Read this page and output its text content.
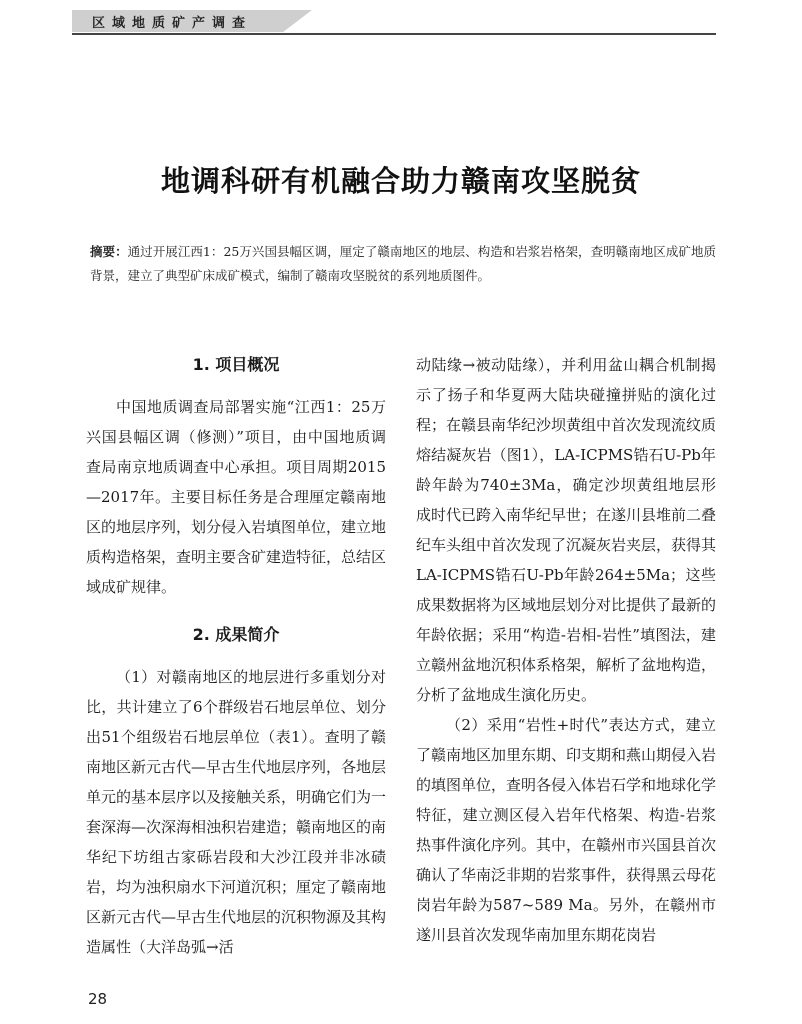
区域地质矿产调查
地调科研有机融合助力赣南攻坚脱贫
摘要：通过开展江西1：25万兴国县幅区调，厘定了赣南地区的地层、构造和岩浆岩格架，查明赣南地区成矿地质背景，建立了典型矿床成矿模式，编制了赣南攻坚脱贫的系列地质图件。
1. 项目概况

中国地质调查局部署实施“江西1：25万兴国县幅区调（修测）”项目，由中国地质调查局南京地质调查中心承担。项目周期2015—2017年。主要目标任务是合理厘定赣南地区的地层序列，划分侵入岩填图单位，建立地质构造格架，查明主要含矿建造特征，总结区域成矿规律。

2. 成果简介

（1）对赣南地区的地层进行多重划分对比，共计建立了6个群级岩石地层单位、划分出51个组级岩石地层单位（表1）。查明了赣南地区新元古代—早古生代地层序列，各地层单元的基本层序以及接触关系，明确它们为一套深海—次深海相浊积岩建造；赣南地区的南华纪下坊组古家砾岩段和大沙江段并非冰碛岩，均为浊积扇水下河道沉积；厘定了赣南地区新元古代—早古生代地层的沉积物源及其构造属性（大洋岛弧→活

动陆缘→被动陆缘），并利用盆山耦合机制揭示了扬子和华夏两大陆块碰撞拼贴的演化过程；在赣县南华纪沙坝黄组中首次发现流纹质熔结凝灰岩（图1），LA-ICPMS锆石U-Pb年龄年龄为740±3Ma，确定沙坝黄组地层形成时代已跨入南华纪早世；在遂川县堆前二叠纪车头组中首次发现了沉凝灰岩夹层，获得其LA-ICPMS锆石U-Pb年龄264±5Ma；这些成果数据将为区域地层划分对比提供了最新的年龄依据；采用“构造-岩相-岩性”填图法，建立赣州盆地沉积体系格架，解析了盆地构造，分析了盆地成生演化历史。

（2）采用“岩性+时代”表达方式，建立了赣南地区加里东期、印支期和燕山期侵入岩的填图单位，查明各侵入体岩石学和地球化学特征，建立测区侵入岩年代格架、构造-岩浆热事件演化序列。其中，在赣州市兴国县首次确认了华南泛非期的岩浆事件，获得黑云母花岗岩年龄为587~589 Ma。另外，在赣州市遂川县首次发现华南加里东期花岗岩

28
